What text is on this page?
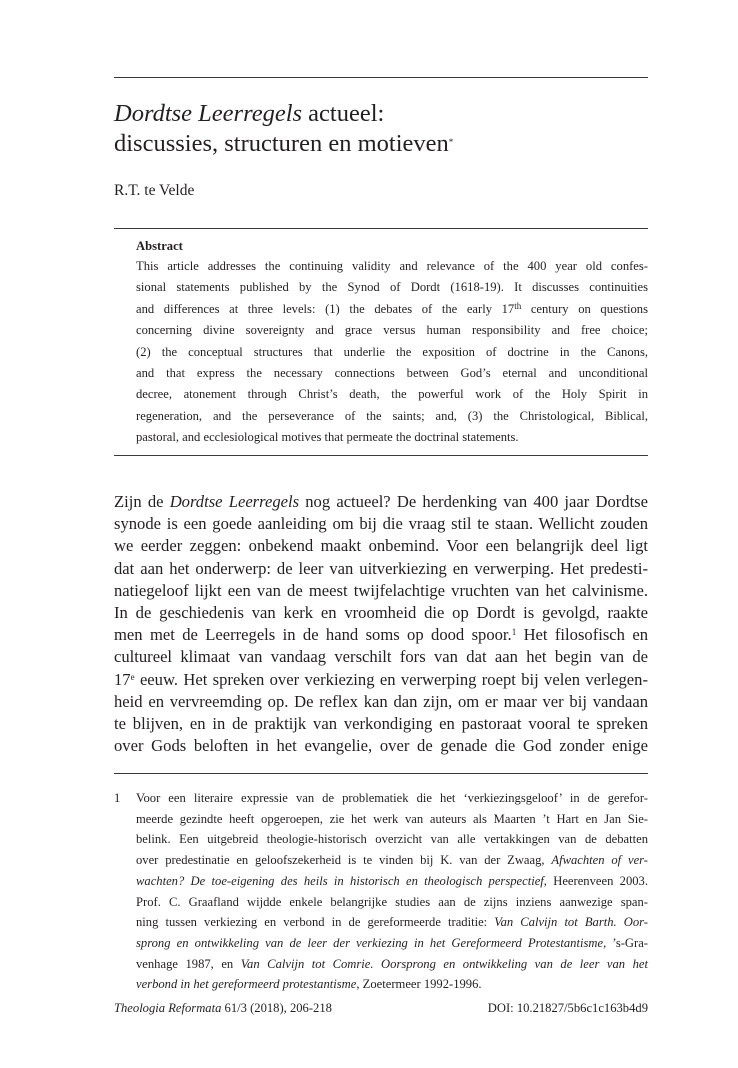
Dordtse Leerregels actueel:
discussies, structuren en motieven*
R.T. te Velde
Abstract

This article addresses the continuing validity and relevance of the 400 year old confes-
sional statements published by the Synod of Dordt (1618-19). It discusses continuities
and differences at three levels: (1) the debates of the early 17th century on questions
concerning divine sovereignty and grace versus human responsibility and free choice;
(2) the conceptual structures that underlie the exposition of doctrine in the Canons,
and that express the necessary connections between God’s eternal and unconditional
decree, atonement through Christ’s death, the powerful work of the Holy Spirit in
regeneration, and the perseverance of the saints; and, (3) the Christological, Biblical,
pastoral, and ecclesiological motives that permeate the doctrinal statements.

Zijn de Dordtse Leerregels nog actueel? De herdenking van 400 jaar Dordtse
synode is een goede aanleiding om bij die vraag stil te staan. Wellicht zouden
we eerder zeggen: onbekend maakt onbemind. Voor een belangrijk deel ligt
dat aan het onderwerp: de leer van uitverkiezing en verwerping. Het predesti-
natiegeloof lijkt een van de meest twijfelachtige vruchten van het calvinisme.
In de geschiedenis van kerk en vroomheid die op Dordt is gevolgd, raakte
men met de Leerregels in de hand soms op dood spoor.$^1$ Het filosofisch en
cultureel klimaat van vandaag verschilt fors van dat aan het begin van de
17e eeuw. Het spreken over verkiezing en verwerping roept bij velen verlegen-
heid en vervreemding op. De reflex kan dan zijn, om er maar ver bij vandaan
te blijven, en in de praktijk van verkondiging en pastoraat vooral te spreken
over Gods beloften in het evangelie, over de genade die God zonder enige
1 Voor een literaire expressie van de problematiek die het ‘verkiezingsgeloof’ in de gerefor-
meerde gezindte heeft opgeroepen, zie het werk van auteurs als Maarten ’t Hart en Jan Sie-
belink. Een uitgebreid theologie-historisch overzicht van alle vertakkingen van de debatten
over predestinatie en geloofszekerheid is te vinden bij K. van der Zwaag, Afwachten of ver-
wachten? De toe-eigening des heils in historisch en theologisch perspectief, Heerenveen 2003.
Prof. C. Graafland wijdde enkele belangrijke studies aan de zijns inziens aanwezige span-
ning tussen verkiezing en verbond in de gereformeerde traditie: Van Calvijn tot Barth. Oor-
sprong en ontwikkeling van de leer der verkiezing in het Gereformeerd Protestantisme, ’s-Gra-
venhage 1987, en Van Calvijn tot Comrie. Oorsprong en ontwikkeling van de leer van het
verbond in het gereformeerd protestantisme, Zoetermeer 1992-1996.
Theologia Reformata 61/3 (2018), 206-218	DOI: 10.21827/5b6c1c163b4d9
